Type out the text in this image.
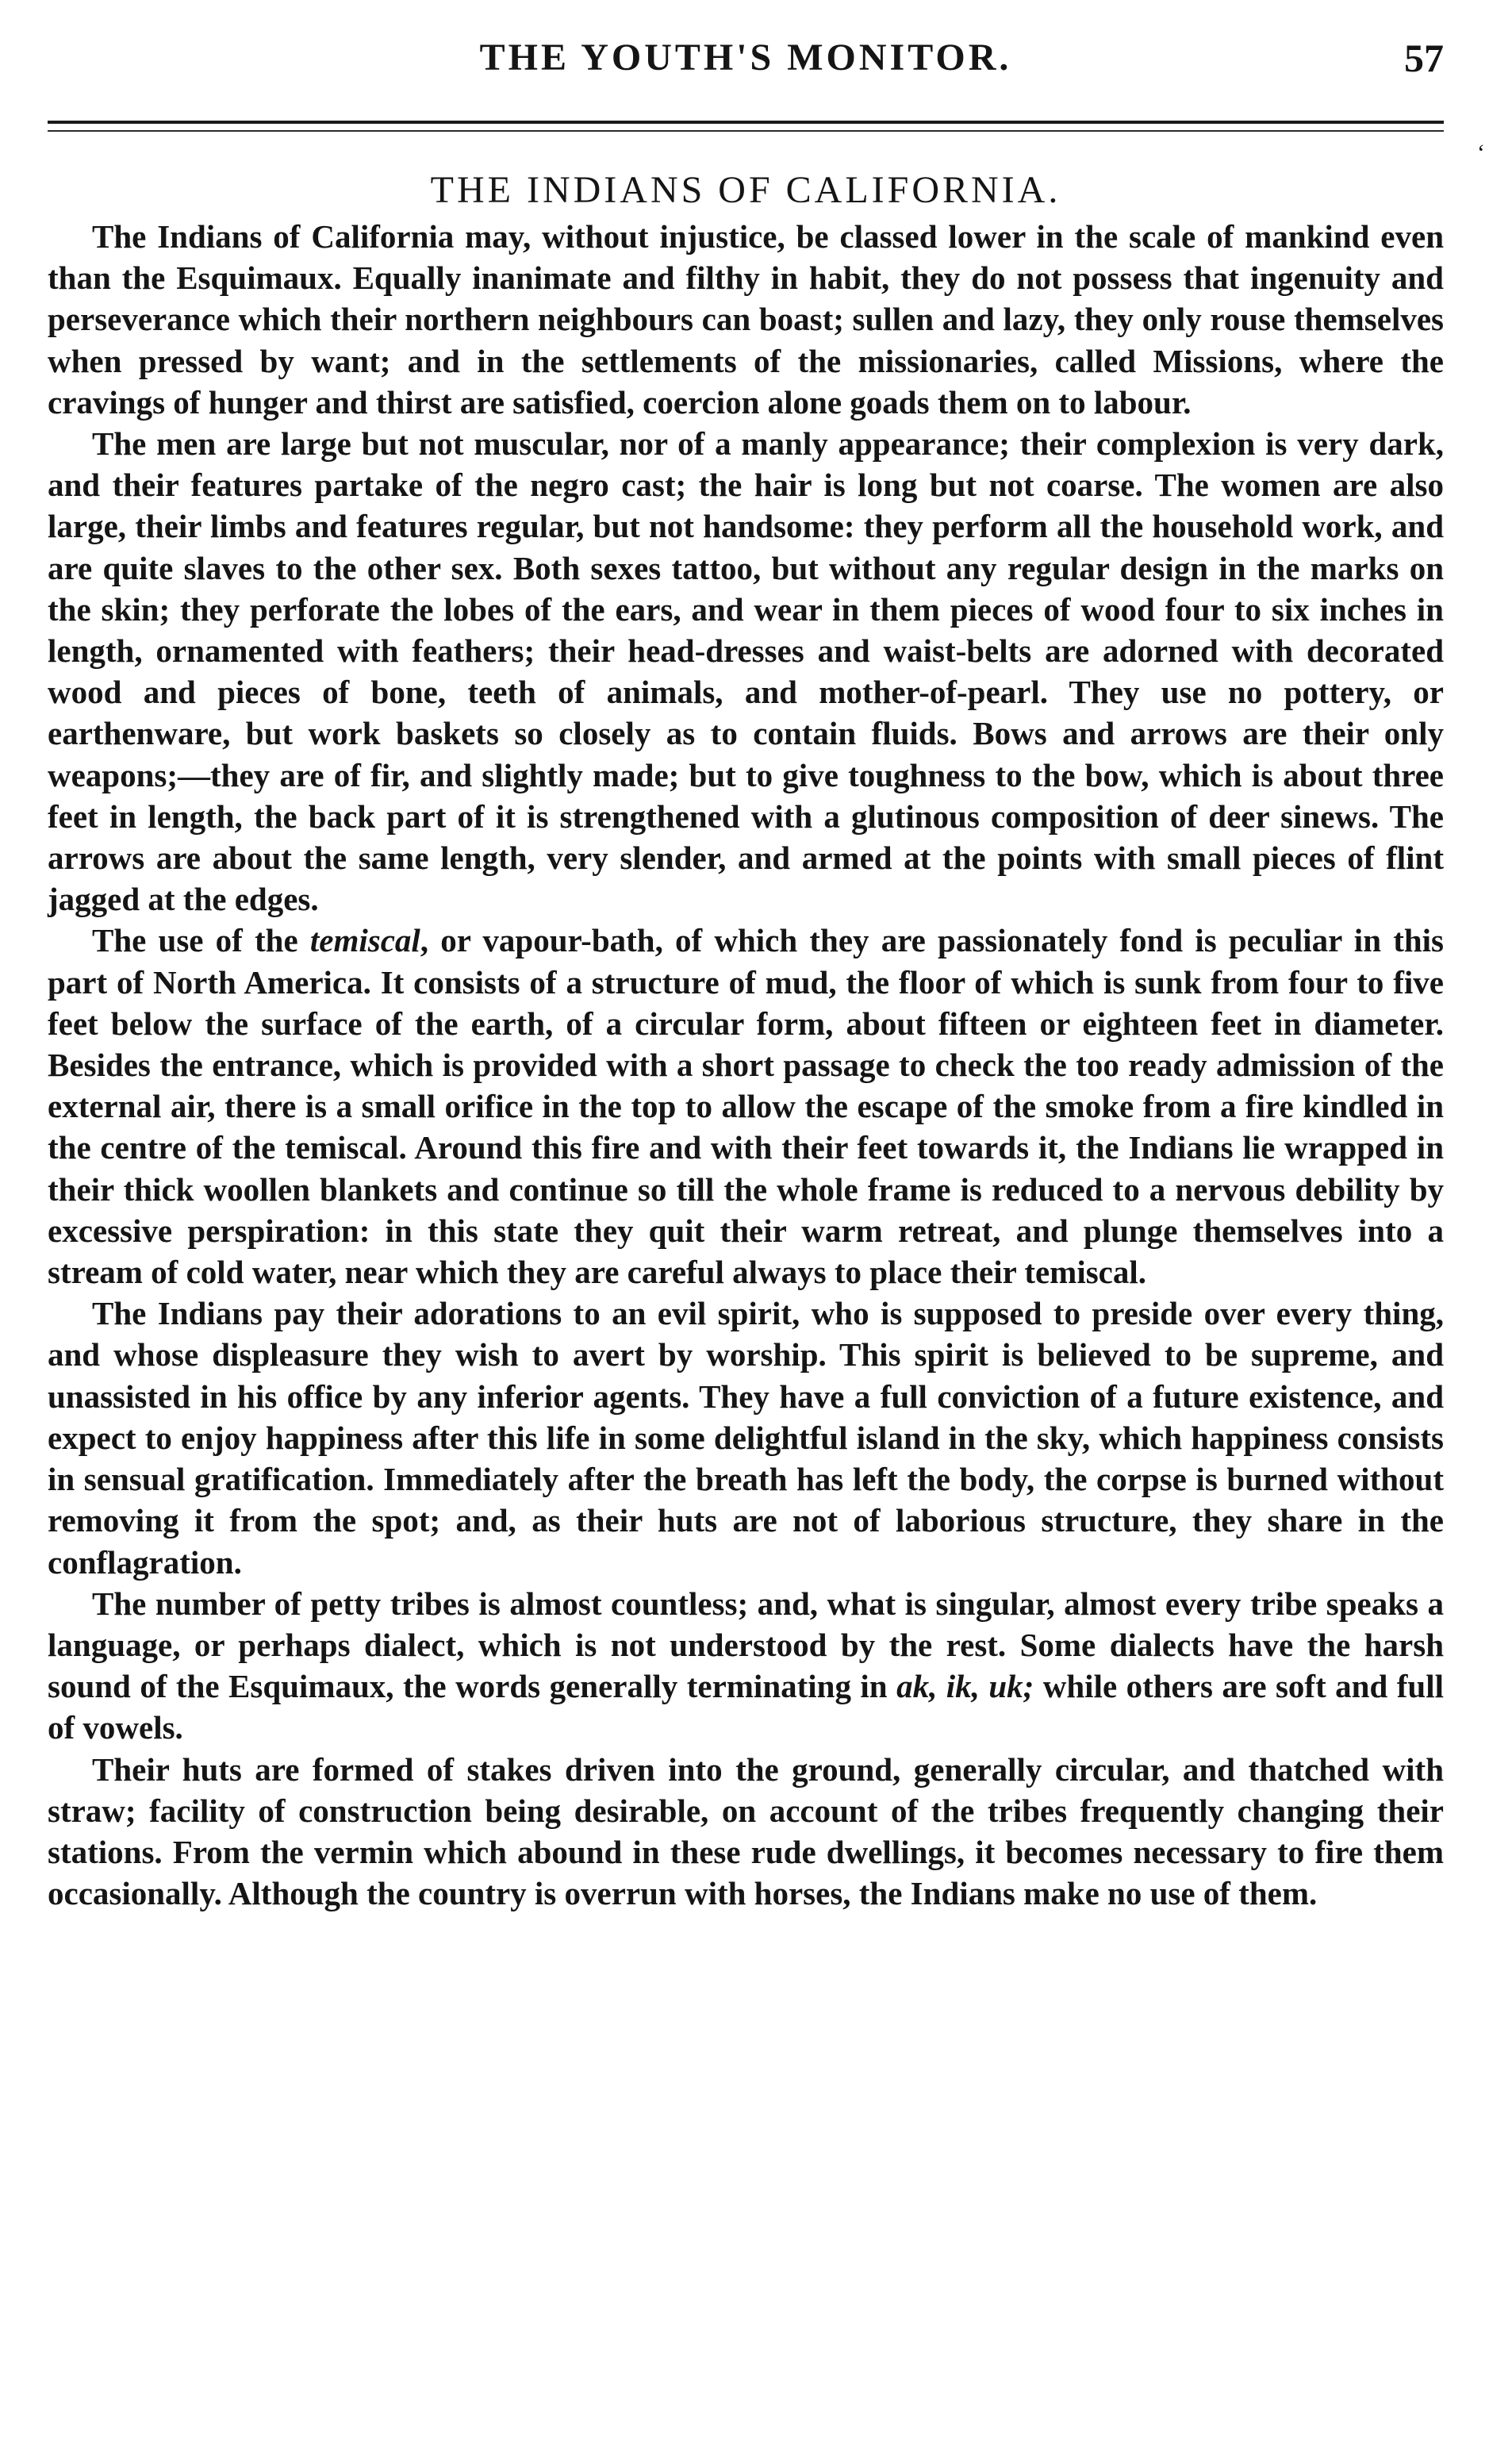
THE YOUTH'S MONITOR.	57
‘
THE INDIANS OF CALIFORNIA.

The Indians of California may, without injustice, be classed lower in the scale of mankind even than the Esquimaux. Equally inanimate and filthy in habit, they do not possess that ingenuity and perseverance which their northern neighbours can boast; sullen and lazy, they only rouse themselves when pressed by want; and in the settlements of the missionaries, called Missions, where the cravings of hunger and thirst are satisfied, coercion alone goads them on to labour.

The men are large but not muscular, nor of a manly appearance; their complexion is very dark, and their features partake of the negro cast; the hair is long but not coarse. The women are also large, their limbs and features regular, but not handsome: they perform all the household work, and are quite slaves to the other sex. Both sexes tattoo, but without any regular design in the marks on the skin; they perforate the lobes of the ears, and wear in them pieces of wood four to six inches in length, ornamented with feathers; their head-dresses and waist-belts are adorned with decorated wood and pieces of bone, teeth of animals, and mother-of-pearl. They use no pottery, or earthenware, but work baskets so closely as to contain fluids. Bows and arrows are their only weapons;—they are of fir, and slightly made; but to give toughness to the bow, which is about three feet in length, the back part of it is strengthened with a glutinous composition of deer sinews. The arrows are about the same length, very slender, and armed at the points with small pieces of flint jagged at the edges.

The use of the temiscal, or vapour-bath, of which they are passionately fond is peculiar in this part of North America. It consists of a structure of mud, the floor of which is sunk from four to five feet below the surface of the earth, of a circular form, about fifteen or eighteen feet in diameter. Besides the entrance, which is provided with a short passage to check the too ready admission of the external air, there is a small orifice in the top to allow the escape of the smoke from a fire kindled in the centre of the temiscal. Around this fire and with their feet towards it, the Indians lie wrapped in their thick woollen blankets and continue so till the whole frame is reduced to a nervous debility by excessive perspiration: in this state they quit their warm retreat, and plunge themselves into a stream of cold water, near which they are careful always to place their temiscal.

The Indians pay their adorations to an evil spirit, who is supposed to preside over every thing, and whose displeasure they wish to avert by worship. This spirit is believed to be supreme, and unassisted in his office by any inferior agents. They have a full conviction of a future existence, and expect to enjoy happiness after this life in some delightful island in the sky, which happiness consists in sensual gratification. Immediately after the breath has left the body, the corpse is burned without removing it from the spot; and, as their huts are not of laborious structure, they share in the conflagration.

The number of petty tribes is almost countless; and, what is singular, almost every tribe speaks a language, or perhaps dialect, which is not understood by the rest. Some dialects have the harsh sound of the Esquimaux, the words generally terminating in ak, ik, uk; while others are soft and full of vowels.

Their huts are formed of stakes driven into the ground, generally circular, and thatched with straw; facility of construction being desirable, on account of the tribes frequently changing their stations. From the vermin which abound in these rude dwellings, it becomes necessary to fire them occasionally. Although the country is overrun with horses, the Indians make no use of them.
